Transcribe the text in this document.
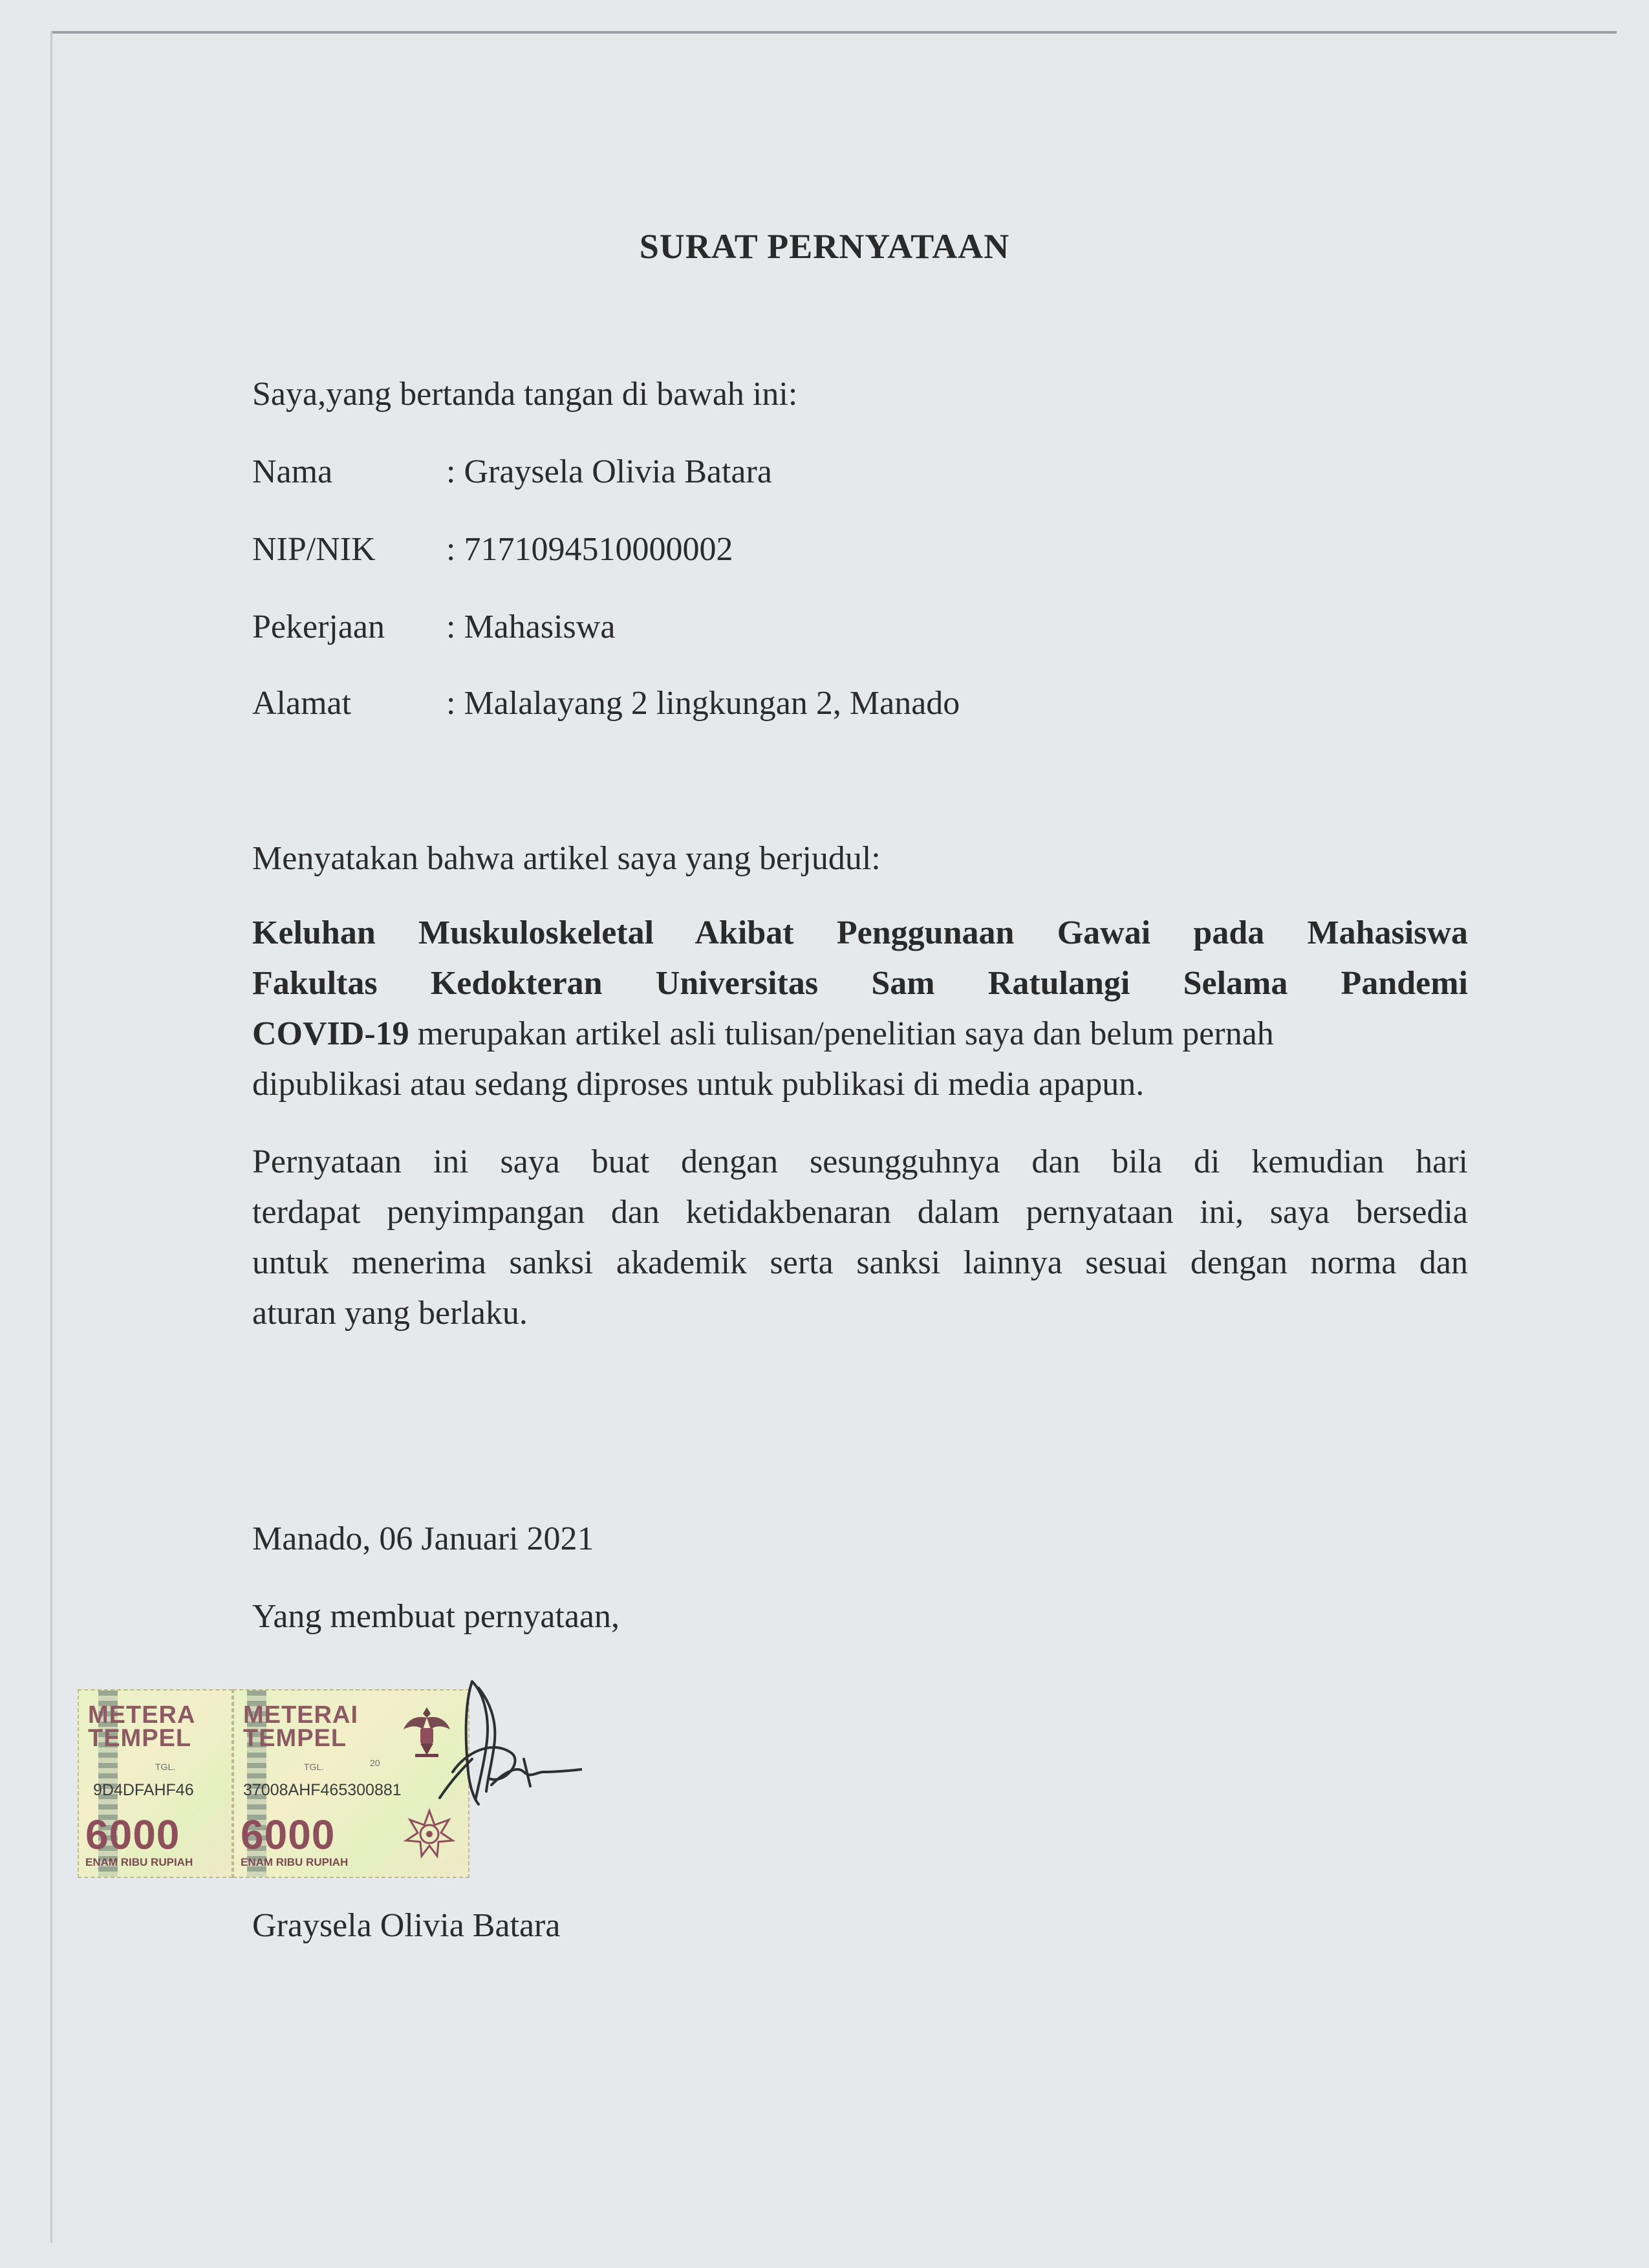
SURAT PERNYATAAN
Saya,yang bertanda tangan di bawah ini:
Nama	: Graysela Olivia Batara
NIP/NIK : 7171094510000002
Pekerjaan : Mahasiswa
Alamat	: Malalayang 2 lingkungan 2, Manado
Menyatakan bahwa artikel saya yang berjudul:
Keluhan Muskuloskeletal Akibat Penggunaan Gawai pada Mahasiswa
Fakultas Kedokteran Universitas Sam Ratulangi Selama Pandemi
COVID-19 merupakan artikel asli tulisan/penelitian saya dan belum pernah
dipublikasi atau sedang diproses untuk publikasi di media apapun.
Pernyataan ini saya buat dengan sesungguhnya dan bila di kemudian hari
terdapat penyimpangan dan ketidakbenaran dalam pernyataan ini, saya bersedia
untuk menerima sanksi akademik serta sanksi lainnya sesuai dengan norma dan
aturan yang berlaku.
Manado, 06 Januari 2021
Yang membuat pernyataan,
METERA
TEMPEL
TGL.
9D4DFAHF46
6000
ENAM RIBU RUPIAH
METERAI
TEMPEL
TGL.	20
37008AHF465300881
6000
ENAM RIBU RUPIAH
Graysela Olivia Batara
